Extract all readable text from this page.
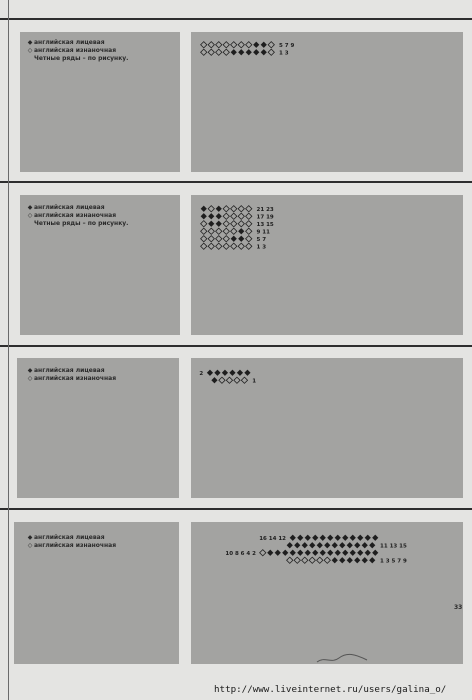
◆ английская лицевая
◇ английская изнаночная
Четные ряды – по рисунку.
5 7 9
1 3
◆ английская лицевая
◇ английская изнаночная
Четные ряды – по рисунку.
21 23
17 19
13 15
9 11
5 7
1 3
◆ английская лицевая
◇ английская изнаночная
2
1
◆ английская лицевая
◇ английская изнаночная
16 14 12
11 13 15
10 8 6 4 2
1 3 5 7 9
33
http://www.liveinternet.ru/users/galina_o/
